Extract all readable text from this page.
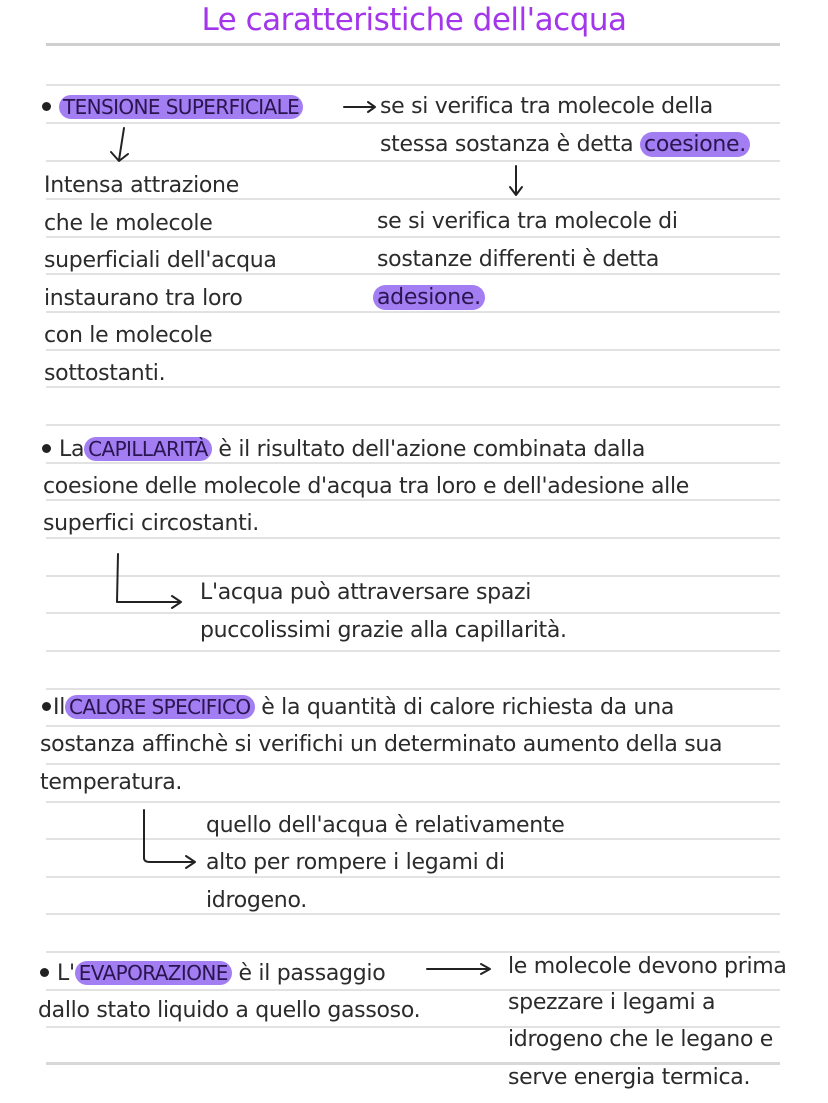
Le caratteristiche dell'acqua
TENSIONE SUPERFICIALE	se si verifica tra molecole della
stessa sostanza è detta coesione.
Intensa attrazione
che le molecole
superficiali dell'acqua
instaurano tra loro
con le molecole
sottostanti.
se si verifica tra molecole di
sostanze differenti è detta
adesione.
La CAPILLARITÀ è il risultato dell'azione combinata dalla
coesione delle molecole d'acqua tra loro e dell'adesione alle
superfici circostanti.
L'acqua può attraversare spazi
puccolissimi grazie alla capillarità.
Il CALORE SPECIFICO è la quantità di calore richiesta da una
sostanza affinchè si verifichi un determinato aumento della sua
temperatura.
quello dell'acqua è relativamente
alto per rompere i legami di
idrogeno.
L' EVAPORAZIONE è il passaggio
dallo stato liquido a quello gassoso.
le molecole devono prima
spezzare i legami a
idrogeno che le legano e
serve energia termica.
